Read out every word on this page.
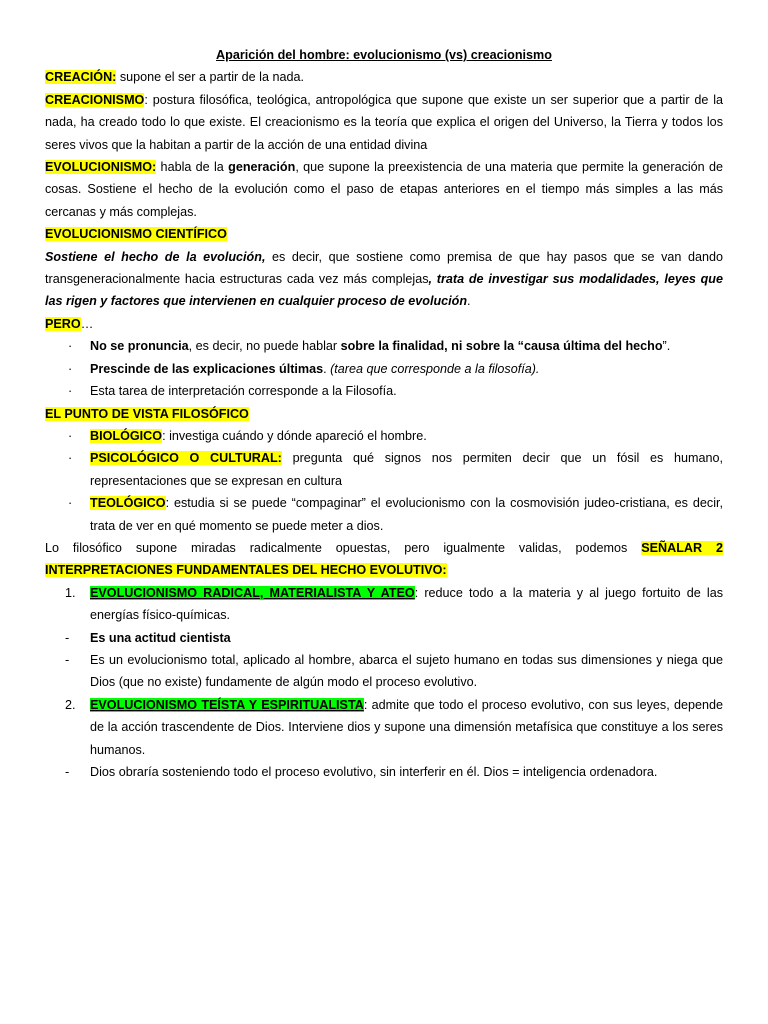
Aparición del hombre: evolucionismo (vs) creacionismo

CREACIÓN: supone el ser a partir de la nada.

CREACIONISMO: postura filosófica, teológica, antropológica que supone que existe un ser superior que a partir de la nada, ha creado todo lo que existe. El creacionismo es la teoría que explica el origen del Universo, la Tierra y todos los seres vivos que la habitan a partir de la acción de una entidad divina

EVOLUCIONISMO: habla de la generación, que supone la preexistencia de una materia que permite la generación de cosas. Sostiene el hecho de la evolución como el paso de etapas anteriores en el tiempo más simples a las más cercanas y más complejas.

EVOLUCIONISMO CIENTÍFICO

Sostiene el hecho de la evolución, es decir, que sostiene como premisa de que hay pasos que se van dando transgeneracionalmente hacia estructuras cada vez más complejas, trata de investigar sus modalidades, leyes que las rigen y factores que intervienen en cualquier proceso de evolución.

PERO…

· No se pronuncia, es decir, no puede hablar sobre la finalidad, ni sobre la “causa última del hecho”.
· Prescinde de las explicaciones últimas. (tarea que corresponde a la filosofía).
· Esta tarea de interpretación corresponde a la Filosofía.

EL PUNTO DE VISTA FILOSÓFICO

· BIOLÓGICO: investiga cuándo y dónde apareció el hombre.
· PSICOLÓGICO O CULTURAL: pregunta qué signos nos permiten decir que un fósil es humano, representaciones que se expresan en cultura
· TEOLÓGICO: estudia si se puede “compaginar” el evolucionismo con la cosmovisión judeo-cristiana, es decir, trata de ver en qué momento se puede meter a dios.

Lo filosófico supone miradas radicalmente opuestas, pero igualmente validas, podemos SEÑALAR 2 INTERPRETACIONES FUNDAMENTALES DEL HECHO EVOLUTIVO:

1. EVOLUCIONISMO RADICAL, MATERIALISTA Y ATEO: reduce todo a la materia y al juego fortuito de las energías físico-químicas.
- Es una actitud cientista
- Es un evolucionismo total, aplicado al hombre, abarca el sujeto humano en todas sus dimensiones y niega que Dios (que no existe) fundamente de algún modo el proceso evolutivo.
2. EVOLUCIONISMO TEÍSTA Y ESPIRITUALISTA: admite que todo el proceso evolutivo, con sus leyes, depende de la acción trascendente de Dios. Interviene dios y supone una dimensión metafísica que constituye a los seres humanos.
- Dios obraría sosteniendo todo el proceso evolutivo, sin interferir en él. Dios = inteligencia ordenadora.
